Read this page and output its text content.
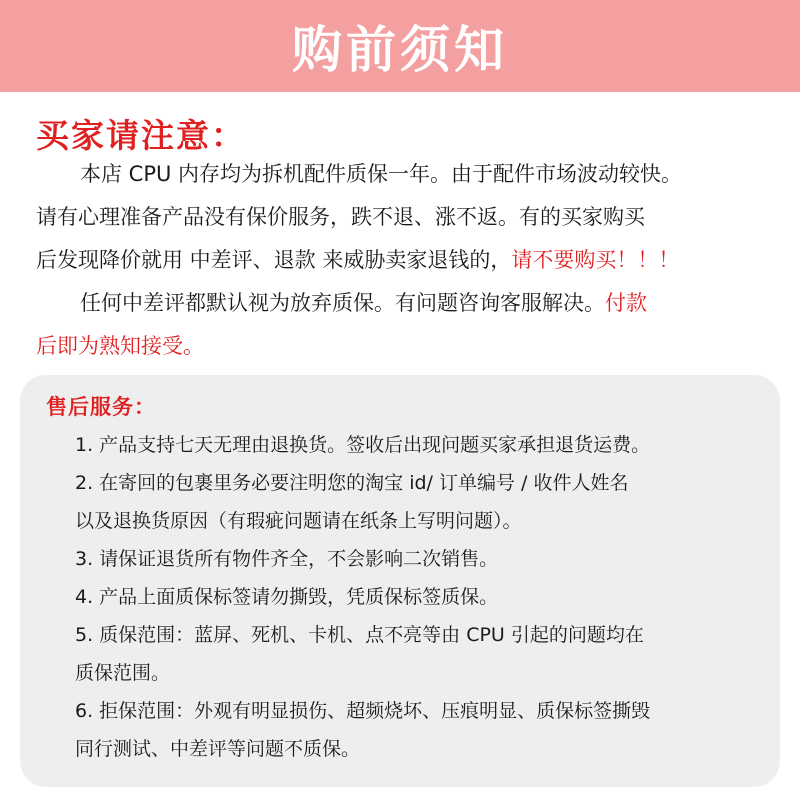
购前须知
买家请注意：
本店 CPU 内存均为拆机配件质保一年。由于配件市场波动较快。
请有心理准备产品没有保价服务，跌不退、涨不返。有的买家购买
后发现降价就用 中差评、退款 来威胁卖家退钱的，请不要购买！！！
任何中差评都默认视为放弃质保。有问题咨询客服解决。付款
后即为熟知接受。
售后服务：
1. 产品支持七天无理由退换货。签收后出现问题买家承担退货运费。
2. 在寄回的包裹里务必要注明您的淘宝 id/ 订单编号 / 收件人姓名
以及退换货原因（有瑕疵问题请在纸条上写明问题）。
3. 请保证退货所有物件齐全，不会影响二次销售。
4. 产品上面质保标签请勿撕毁，凭质保标签质保。
5. 质保范围：蓝屏、死机、卡机、点不亮等由 CPU 引起的问题均在
质保范围。
6. 拒保范围：外观有明显损伤、超频烧坏、压痕明显、质保标签撕毁
同行测试、中差评等问题不质保。
